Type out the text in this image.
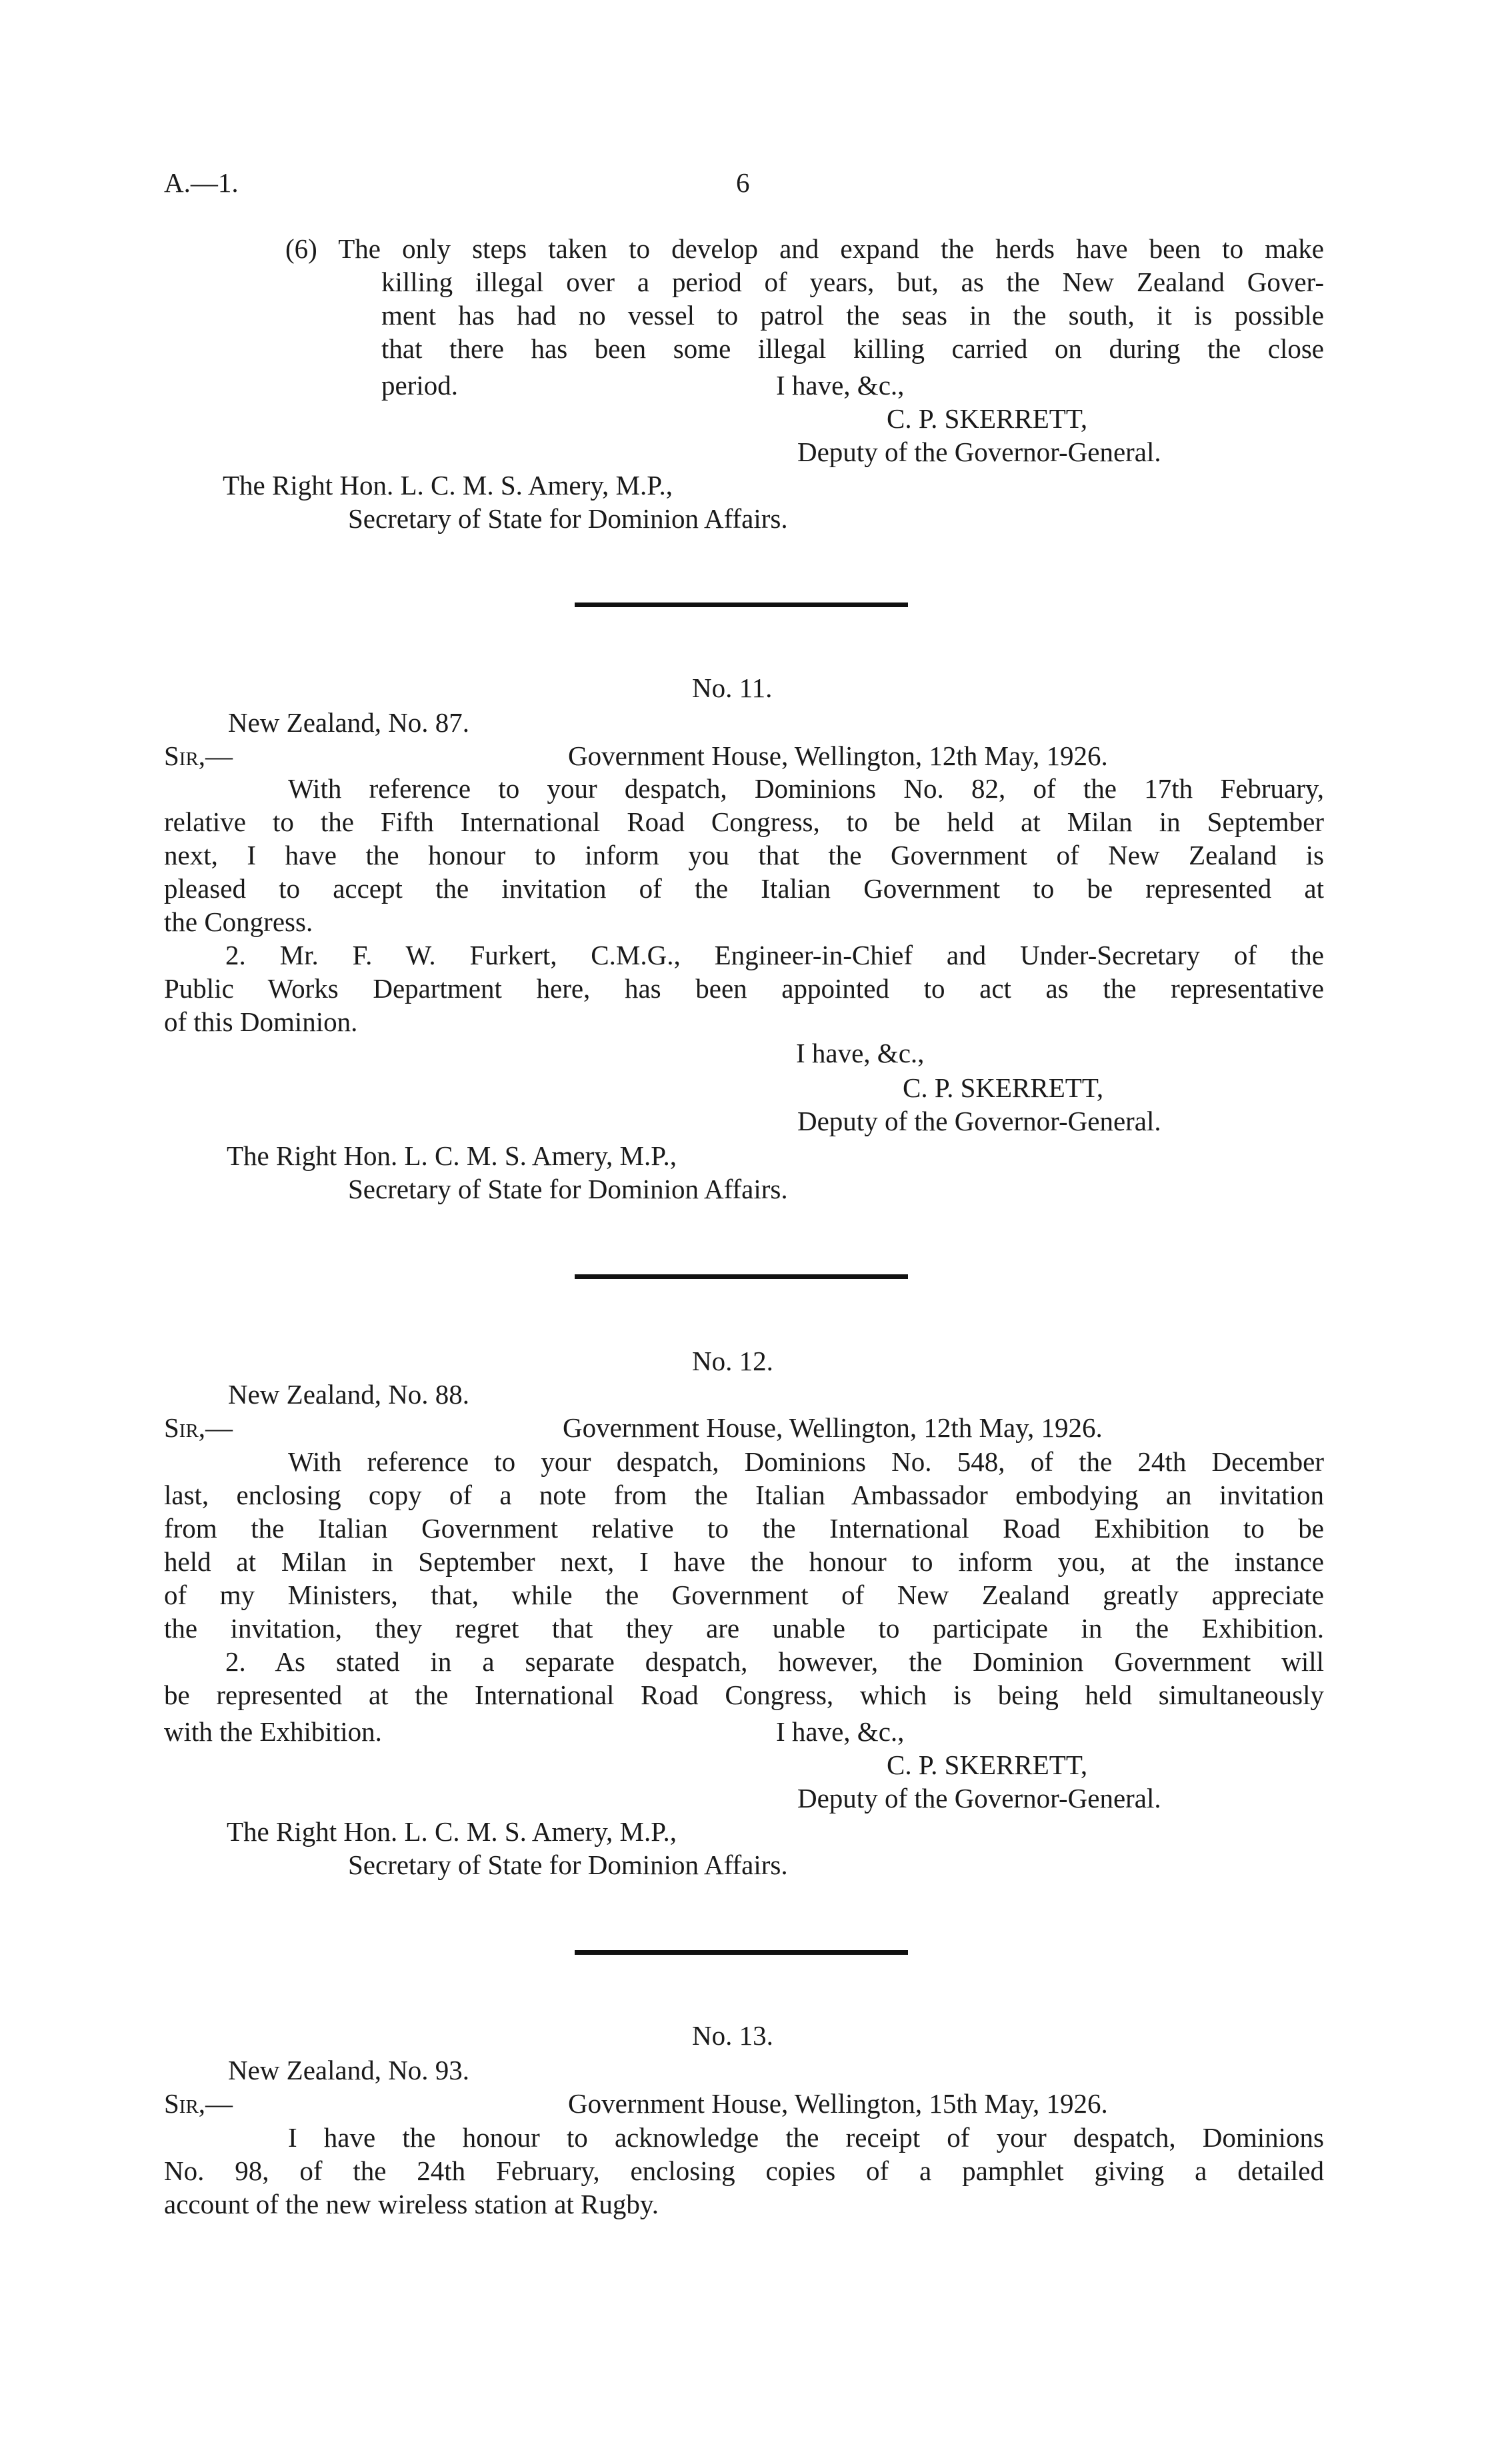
A.—1.	6
(6) The only steps taken to develop and expand the herds have been to make
killing illegal over a period of years, but, as the New Zealand Gover-
ment has had no vessel to patrol the seas in the south, it is possible
that there has been some illegal killing carried on during the close
period.	I have, &c.,
C. P. SKERRETT,
Deputy of the Governor-General.
The Right Hon. L. C. M. S. Amery, M.P.,
Secretary of State for Dominion Affairs.
No. 11.
New Zealand, No. 87.
Sir,—	Government House, Wellington, 12th May, 1926.
With reference to your despatch, Dominions No. 82, of the 17th February,
relative to the Fifth International Road Congress, to be held at Milan in September
next, I have the honour to inform you that the Government of New Zealand is
pleased to accept the invitation of the Italian Government to be represented at
the Congress.
2. Mr. F. W. Furkert, C.M.G., Engineer-in-Chief and Under-Secretary of the
Public Works Department here, has been appointed to act as the representative
of this Dominion.
I have, &c.,
C. P. SKERRETT,
Deputy of the Governor-General.
The Right Hon. L. C. M. S. Amery, M.P.,
Secretary of State for Dominion Affairs.
No. 12.
New Zealand, No. 88.
Sir,—	Government House, Wellington, 12th May, 1926.
With reference to your despatch, Dominions No. 548, of the 24th December
last, enclosing copy of a note from the Italian Ambassador embodying an invitation
from the Italian Government relative to the International Road Exhibition to be
held at Milan in September next, I have the honour to inform you, at the instance
of my Ministers, that, while the Government of New Zealand greatly appreciate
the invitation, they regret that they are unable to participate in the Exhibition.
2. As stated in a separate despatch, however, the Dominion Government will
be represented at the International Road Congress, which is being held simultaneously
with the Exhibition.	I have, &c.,
C. P. SKERRETT,
Deputy of the Governor-General.
The Right Hon. L. C. M. S. Amery, M.P.,
Secretary of State for Dominion Affairs.
No. 13.
New Zealand, No. 93.
Sir,—	Government House, Wellington, 15th May, 1926.
I have the honour to acknowledge the receipt of your despatch, Dominions
No. 98, of the 24th February, enclosing copies of a pamphlet giving a detailed
account of the new wireless station at Rugby.
